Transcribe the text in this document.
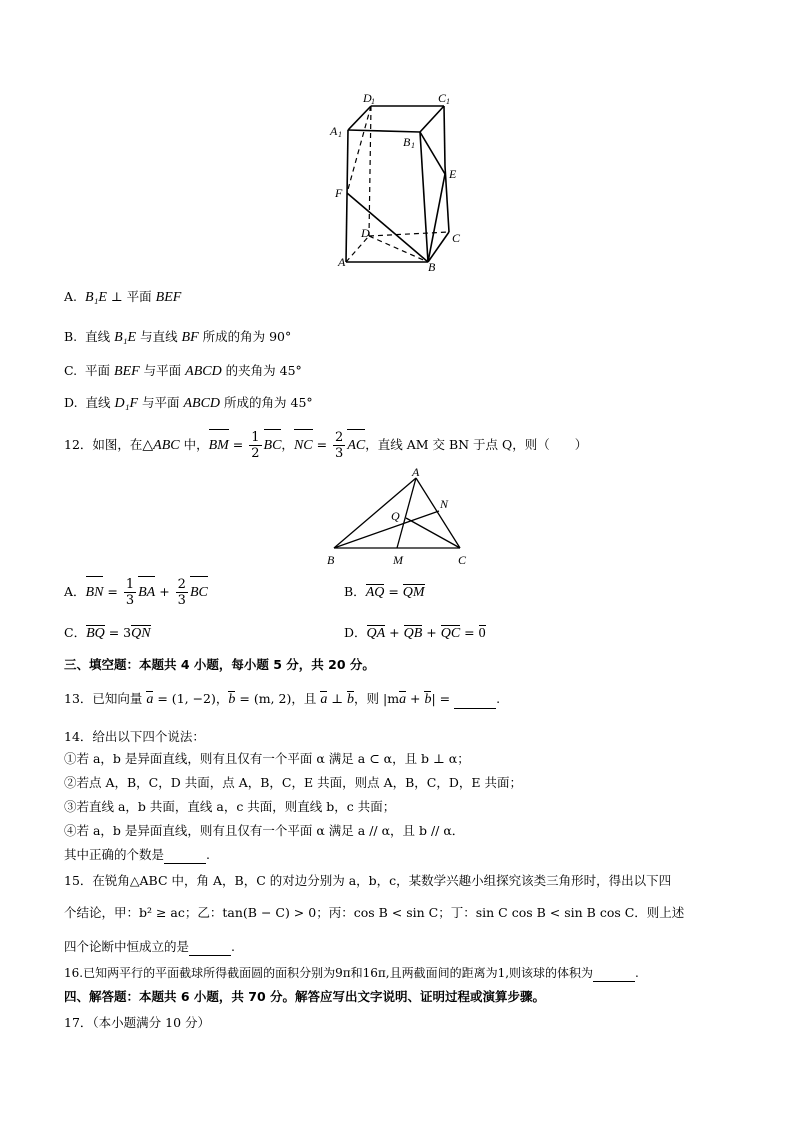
D 1	C 1
A 1
B 1
E
F
D	C
A	B
A. B₁E ⊥ 平面 BEF
B. 直线 B₁E 与直线 BF 所成的角为 90°
C. 平面 BEF 与平面 ABCD 的夹角为 45°
D. 直线 D₁F 与平面 ABCD 所成的角为 45°
12．如图，在△ABC 中，BM = $\frac{1}{2}$ BC，NC = $\frac{2}{3}$ AC，直线 AM 交 BN 于点 Q，则（　　）
A
N
Q
B	M	C
A．BN = $\frac{1}{3}$ BA + $\frac{2}{3}$ BC	B．AQ = QM
C．BQ = 3QN	D．QA + QB + QC = 0
三、填空题：本题共 4 小题，每小题 5 分，共 20 分。
13．已知向量 a = (1, −2)，b = (m, 2)，且 a ⊥ b，则 |ma + b| =	.
14．给出以下四个说法：
①若 a，b 是异面直线，则有且仅有一个平面 α 满足 a ⊂ α，且 b ⊥ α；
②若点 A，B，C，D 共面，点 A，B，C，E 共面，则点 A，B，C，D，E 共面；
③若直线 a，b 共面，直线 a，c 共面，则直线 b，c 共面；
④若 a，b 是异面直线，则有且仅有一个平面 α 满足 a // α，且 b // α．
其中正确的个数是	.
15．在锐角△ABC 中，角 A，B，C 的对边分别为 a，b，c，某数学兴趣小组探究该类三角形时，得出以下四
个结论，甲：b² ≥ ac；乙：tan(B − C) > 0；丙：cos B < sin C；丁：sin C cos B < sin B cos C．则上述
四个论断中恒成立的是	.
16.已知两平行的平面截球所得截面圆的面积分别为9π和16π,且两截面间的距离为1,则该球的体积为	.
四、解答题：本题共 6 小题，共 70 分。解答应写出文字说明、证明过程或演算步骤。
17．（本小题满分 10 分）
